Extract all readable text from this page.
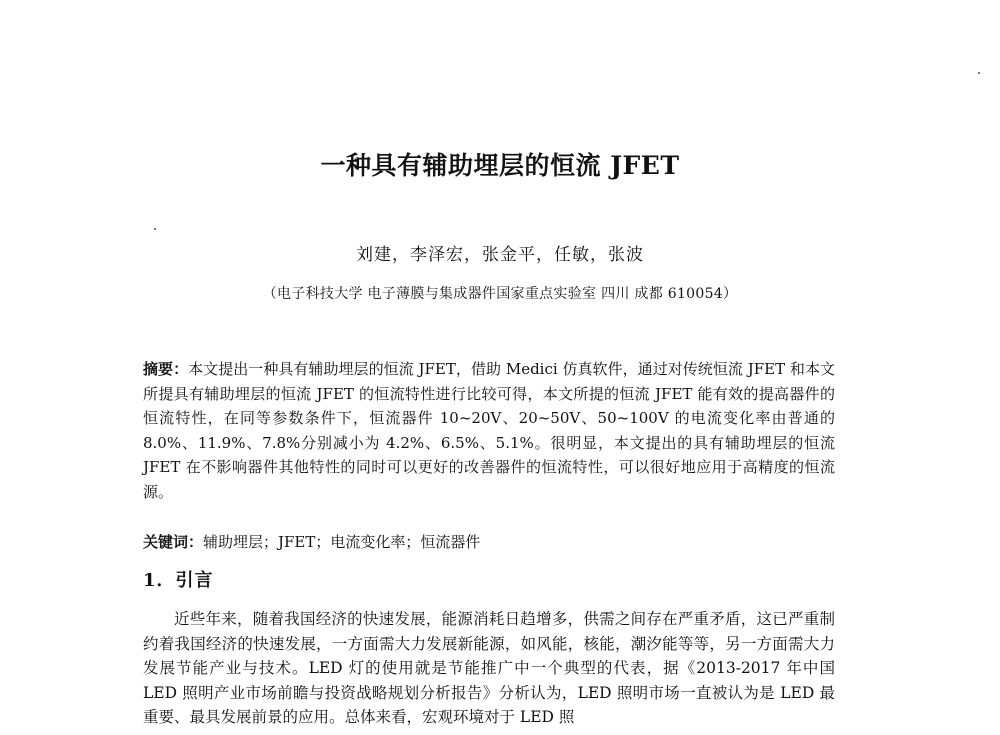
一种具有辅助埋层的恒流 JFET
刘建，李泽宏，张金平，任敏，张波
（电子科技大学 电子薄膜与集成器件国家重点实验室 四川 成都 610054）

摘要：本文提出一种具有辅助埋层的恒流 JFET，借助 Medici 仿真软件，通过对传统恒流 JFET 和本文所提具有辅助埋层的恒流 JFET 的恒流特性进行比较可得，本文所提的恒流 JFET 能有效的提高器件的恒流特性，在同等参数条件下，恒流器件 10~20V、20~50V、50~100V 的电流变化率由普通的 8.0%、11.9%、7.8%分别减小为 4.2%、6.5%、5.1%。很明显，本文提出的具有辅助埋层的恒流 JFET 在不影响器件其他特性的同时可以更好的改善器件的恒流特性，可以很好地应用于高精度的恒流源。

关键词：辅助埋层；JFET；电流变化率；恒流器件

1．引言

近些年来，随着我国经济的快速发展，能源消耗日趋增多，供需之间存在严重矛盾，这已严重制约着我国经济的快速发展，一方面需大力发展新能源，如风能，核能，潮汐能等等，另一方面需大力发展节能产业与技术。LED 灯的使用就是节能推广中一个典型的代表，据《2013-2017 年中国 LED 照明产业市场前瞻与投资战略规划分析报告》分析认为，LED 照明市场一直被认为是 LED 最重要、最具发展前景的应用。总体来看，宏观环境对于 LED 照
